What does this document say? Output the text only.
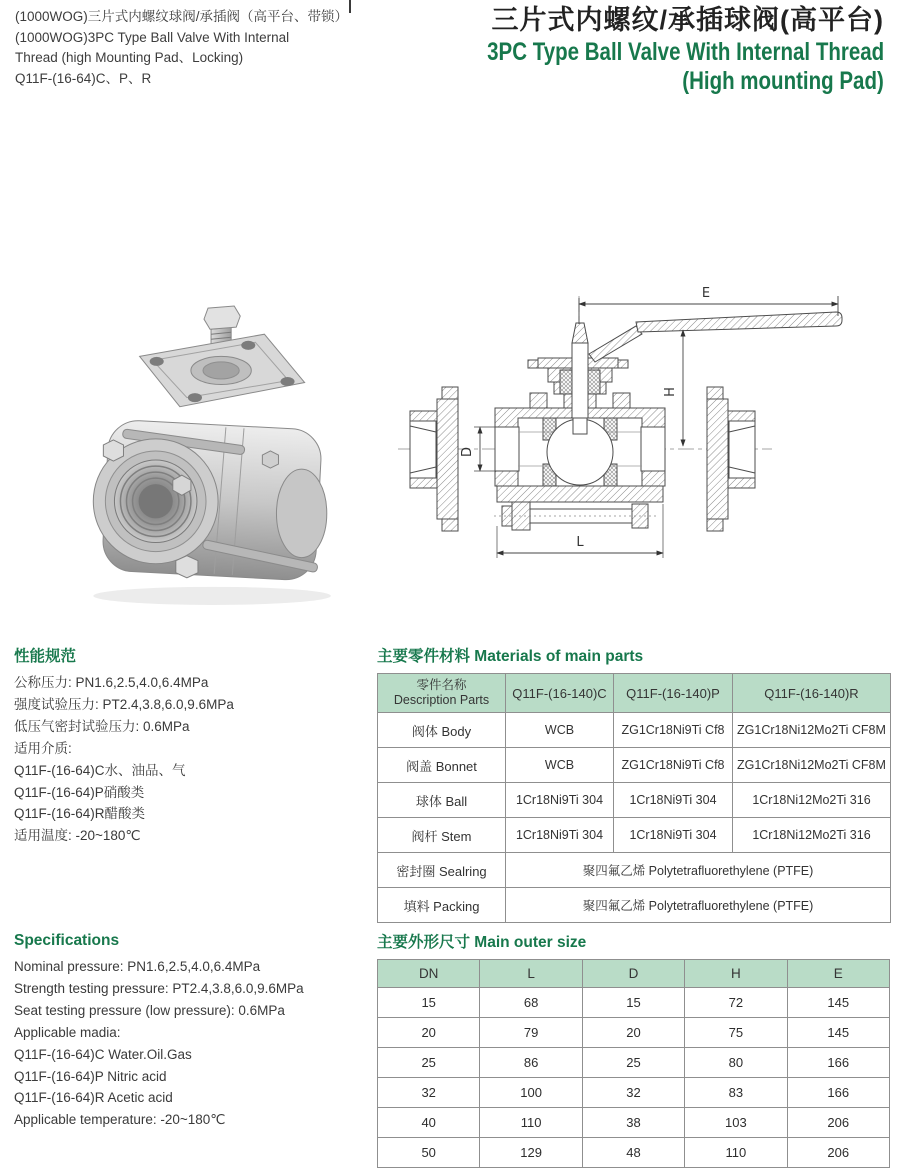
(1000WOG)三片式内螺纹球阀/承插阀（高平台、带锁）
(1000WOG)3PC Type Ball Valve With Internal
Thread (high Mounting Pad、Locking)
Q11F-(16-64)C、P、R
三片式内螺纹/承插球阀(高平台)
3PC Type Ball Valve With Internal Thread
(High mounting Pad)
E
H
D
L
性能规范
公称压力: PN1.6,2.5,4.0,6.4MPa
强度试验压力: PT2.4,3.8,6.0,9.6MPa
低压气密封试验压力: 0.6MPa
适用介质:
Q11F-(16-64)C水、油品、气
Q11F-(16-64)P硝酸类
Q11F-(16-64)R醋酸类
适用温度: -20~180℃
Specifications
Nominal pressure: PN1.6,2.5,4.0,6.4MPa
Strength testing pressure: PT2.4,3.8,6.0,9.6MPa
Seat testing pressure (low pressure): 0.6MPa
Applicable madia:
Q11F-(16-64)C Water.Oil.Gas
Q11F-(16-64)P Nitric acid
Q11F-(16-64)R Acetic acid
Applicable temperature: -20~180℃
主要零件材料 Materials of main parts
零件名称
Description Parts	Q11F-(16-140)C	Q11F-(16-140)P	Q11F-(16-140)R
阀体 Body	WCB	ZG1Cr18Ni9Ti Cf8	ZG1Cr18Ni12Mo2Ti CF8M
阀盖 Bonnet	WCB	ZG1Cr18Ni9Ti Cf8	ZG1Cr18Ni12Mo2Ti CF8M
球体 Ball	1Cr18Ni9Ti 304	1Cr18Ni9Ti 304	1Cr18Ni12Mo2Ti 316
阀杆 Stem	1Cr18Ni9Ti 304	1Cr18Ni9Ti 304	1Cr18Ni12Mo2Ti 316
密封圈 Sealring	聚四氟乙烯 Polytetrafluorethylene (PTFE)		
填料 Packing	聚四氟乙烯 Polytetrafluorethylene (PTFE)		
主要外形尺寸 Main outer size
DN	L	D	H	E
15	68	15	72	145
20	79	20	75	145
25	86	25	80	166
32	100	32	83	166
40	110	38	103	206
50	129	48	110	206
